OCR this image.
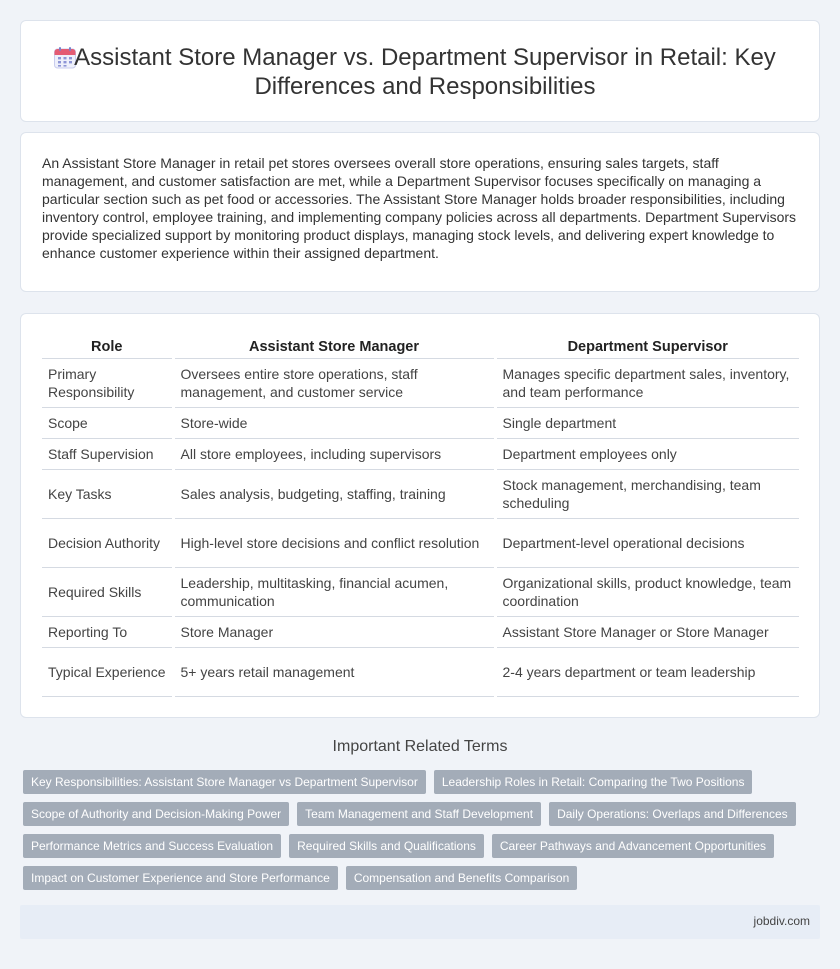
Assistant Store Manager vs. Department Supervisor in Retail: Key Differences and Responsibilities

An Assistant Store Manager in retail pet stores oversees overall store operations, ensuring sales targets, staff management, and customer satisfaction are met, while a Department Supervisor focuses specifically on managing a particular section such as pet food or accessories. The Assistant Store Manager holds broader responsibilities, including inventory control, employee training, and implementing company policies across all departments. Department Supervisors provide specialized support by monitoring product displays, managing stock levels, and delivering expert knowledge to enhance customer experience within their assigned department.

Role	Assistant Store Manager	Department Supervisor
Primary Responsibility	Oversees entire store operations, staff management, and customer service	Manages specific department sales, inventory, and team performance
Scope	Store-wide	Single department
Staff Supervision	All store employees, including supervisors	Department employees only
Key Tasks	Sales analysis, budgeting, staffing, training	Stock management, merchandising, team scheduling
Decision Authority	High-level store decisions and conflict resolution	Department-level operational decisions
Required Skills	Leadership, multitasking, financial acumen, communication	Organizational skills, product knowledge, team coordination
Reporting To	Store Manager	Assistant Store Manager or Store Manager
Typical Experience	5+ years retail management	2-4 years department or team leadership
Important Related Terms
Key Responsibilities: Assistant Store Manager vs Department Supervisor	Leadership Roles in Retail: Comparing the Two Positions
Scope of Authority and Decision-Making Power	Team Management and Staff Development	Daily Operations: Overlaps and Differences
Performance Metrics and Success Evaluation	Required Skills and Qualifications	Career Pathways and Advancement Opportunities
Impact on Customer Experience and Store Performance	Compensation and Benefits Comparison
jobdiv.com
